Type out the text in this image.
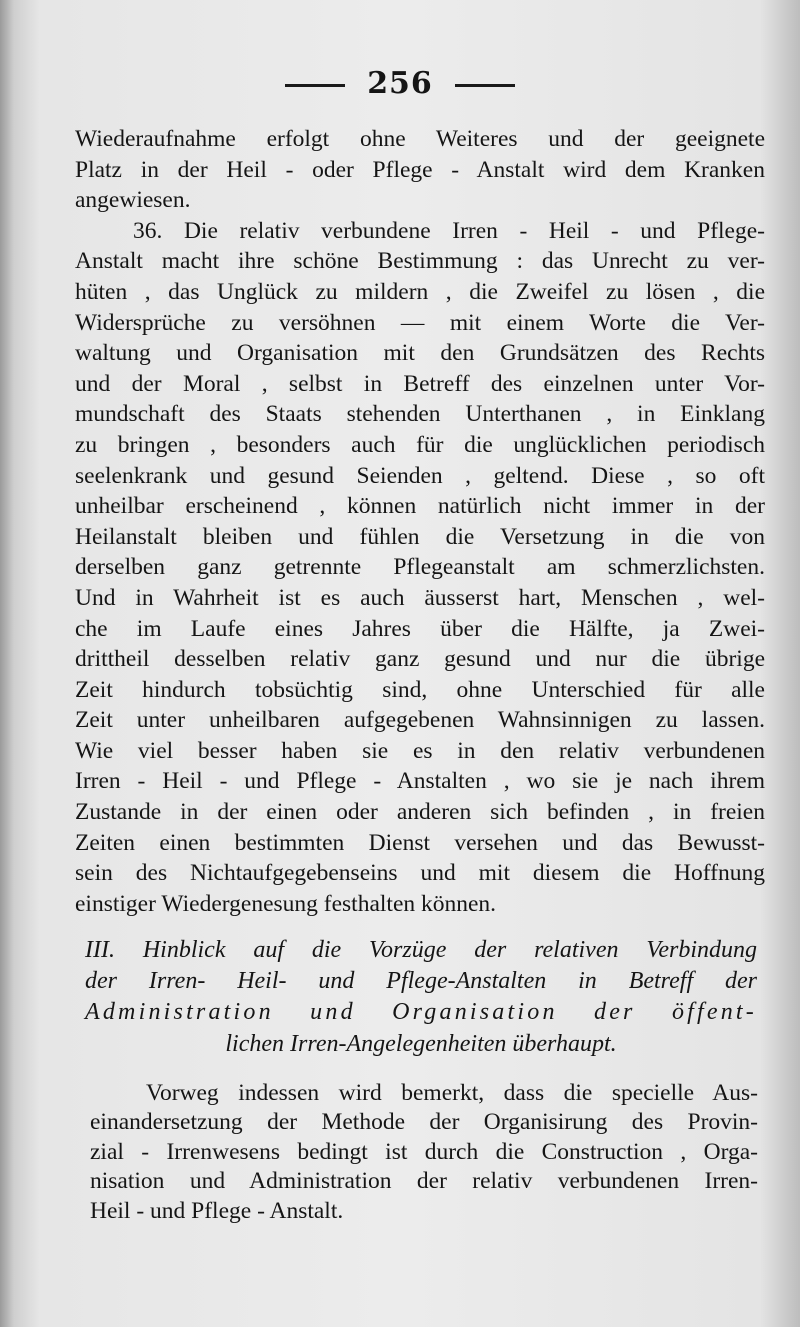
256
Wiederaufnahme erfolgt ohne Weiteres und der geeignete
Platz in der Heil - oder Pflege - Anstalt wird dem Kranken
angewiesen.
36. Die relativ verbundene Irren - Heil - und Pflege-
Anstalt macht ihre schöne Bestimmung : das Unrecht zu ver-
hüten , das Unglück zu mildern , die Zweifel zu lösen , die
Widersprüche zu versöhnen — mit einem Worte die Ver-
waltung und Organisation mit den Grundsätzen des Rechts
und der Moral , selbst in Betreff des einzelnen unter Vor-
mundschaft des Staats stehenden Unterthanen , in Einklang
zu bringen , besonders auch für die unglücklichen periodisch
seelenkrank und gesund Seienden , geltend. Diese , so oft
unheilbar erscheinend , können natürlich nicht immer in der
Heilanstalt bleiben und fühlen die Versetzung in die von
derselben ganz getrennte Pflegeanstalt am schmerzlichsten.
Und in Wahrheit ist es auch äusserst hart, Menschen , wel-
che im Laufe eines Jahres über die Hälfte, ja Zwei-
drittheil desselben relativ ganz gesund und nur die übrige
Zeit hindurch tobsüchtig sind, ohne Unterschied für alle
Zeit unter unheilbaren aufgegebenen Wahnsinnigen zu lassen.
Wie viel besser haben sie es in den relativ verbundenen
Irren - Heil - und Pflege - Anstalten , wo sie je nach ihrem
Zustande in der einen oder anderen sich befinden , in freien
Zeiten einen bestimmten Dienst versehen und das Bewusst-
sein des Nichtaufgegebenseins und mit diesem die Hoffnung
einstiger Wiedergenesung festhalten können.
III. Hinblick auf die Vorzüge der relativen Verbindung
der Irren- Heil- und Pflege-Anstalten in Betreff der
Administration und Organisation der öffent-
lichen Irren-Angelegenheiten überhaupt.
Vorweg indessen wird bemerkt, dass die specielle Aus-
einandersetzung der Methode der Organisirung des Provin-
zial - Irrenwesens bedingt ist durch die Construction , Orga-
nisation und Administration der relativ verbundenen Irren-
Heil - und Pflege - Anstalt.
